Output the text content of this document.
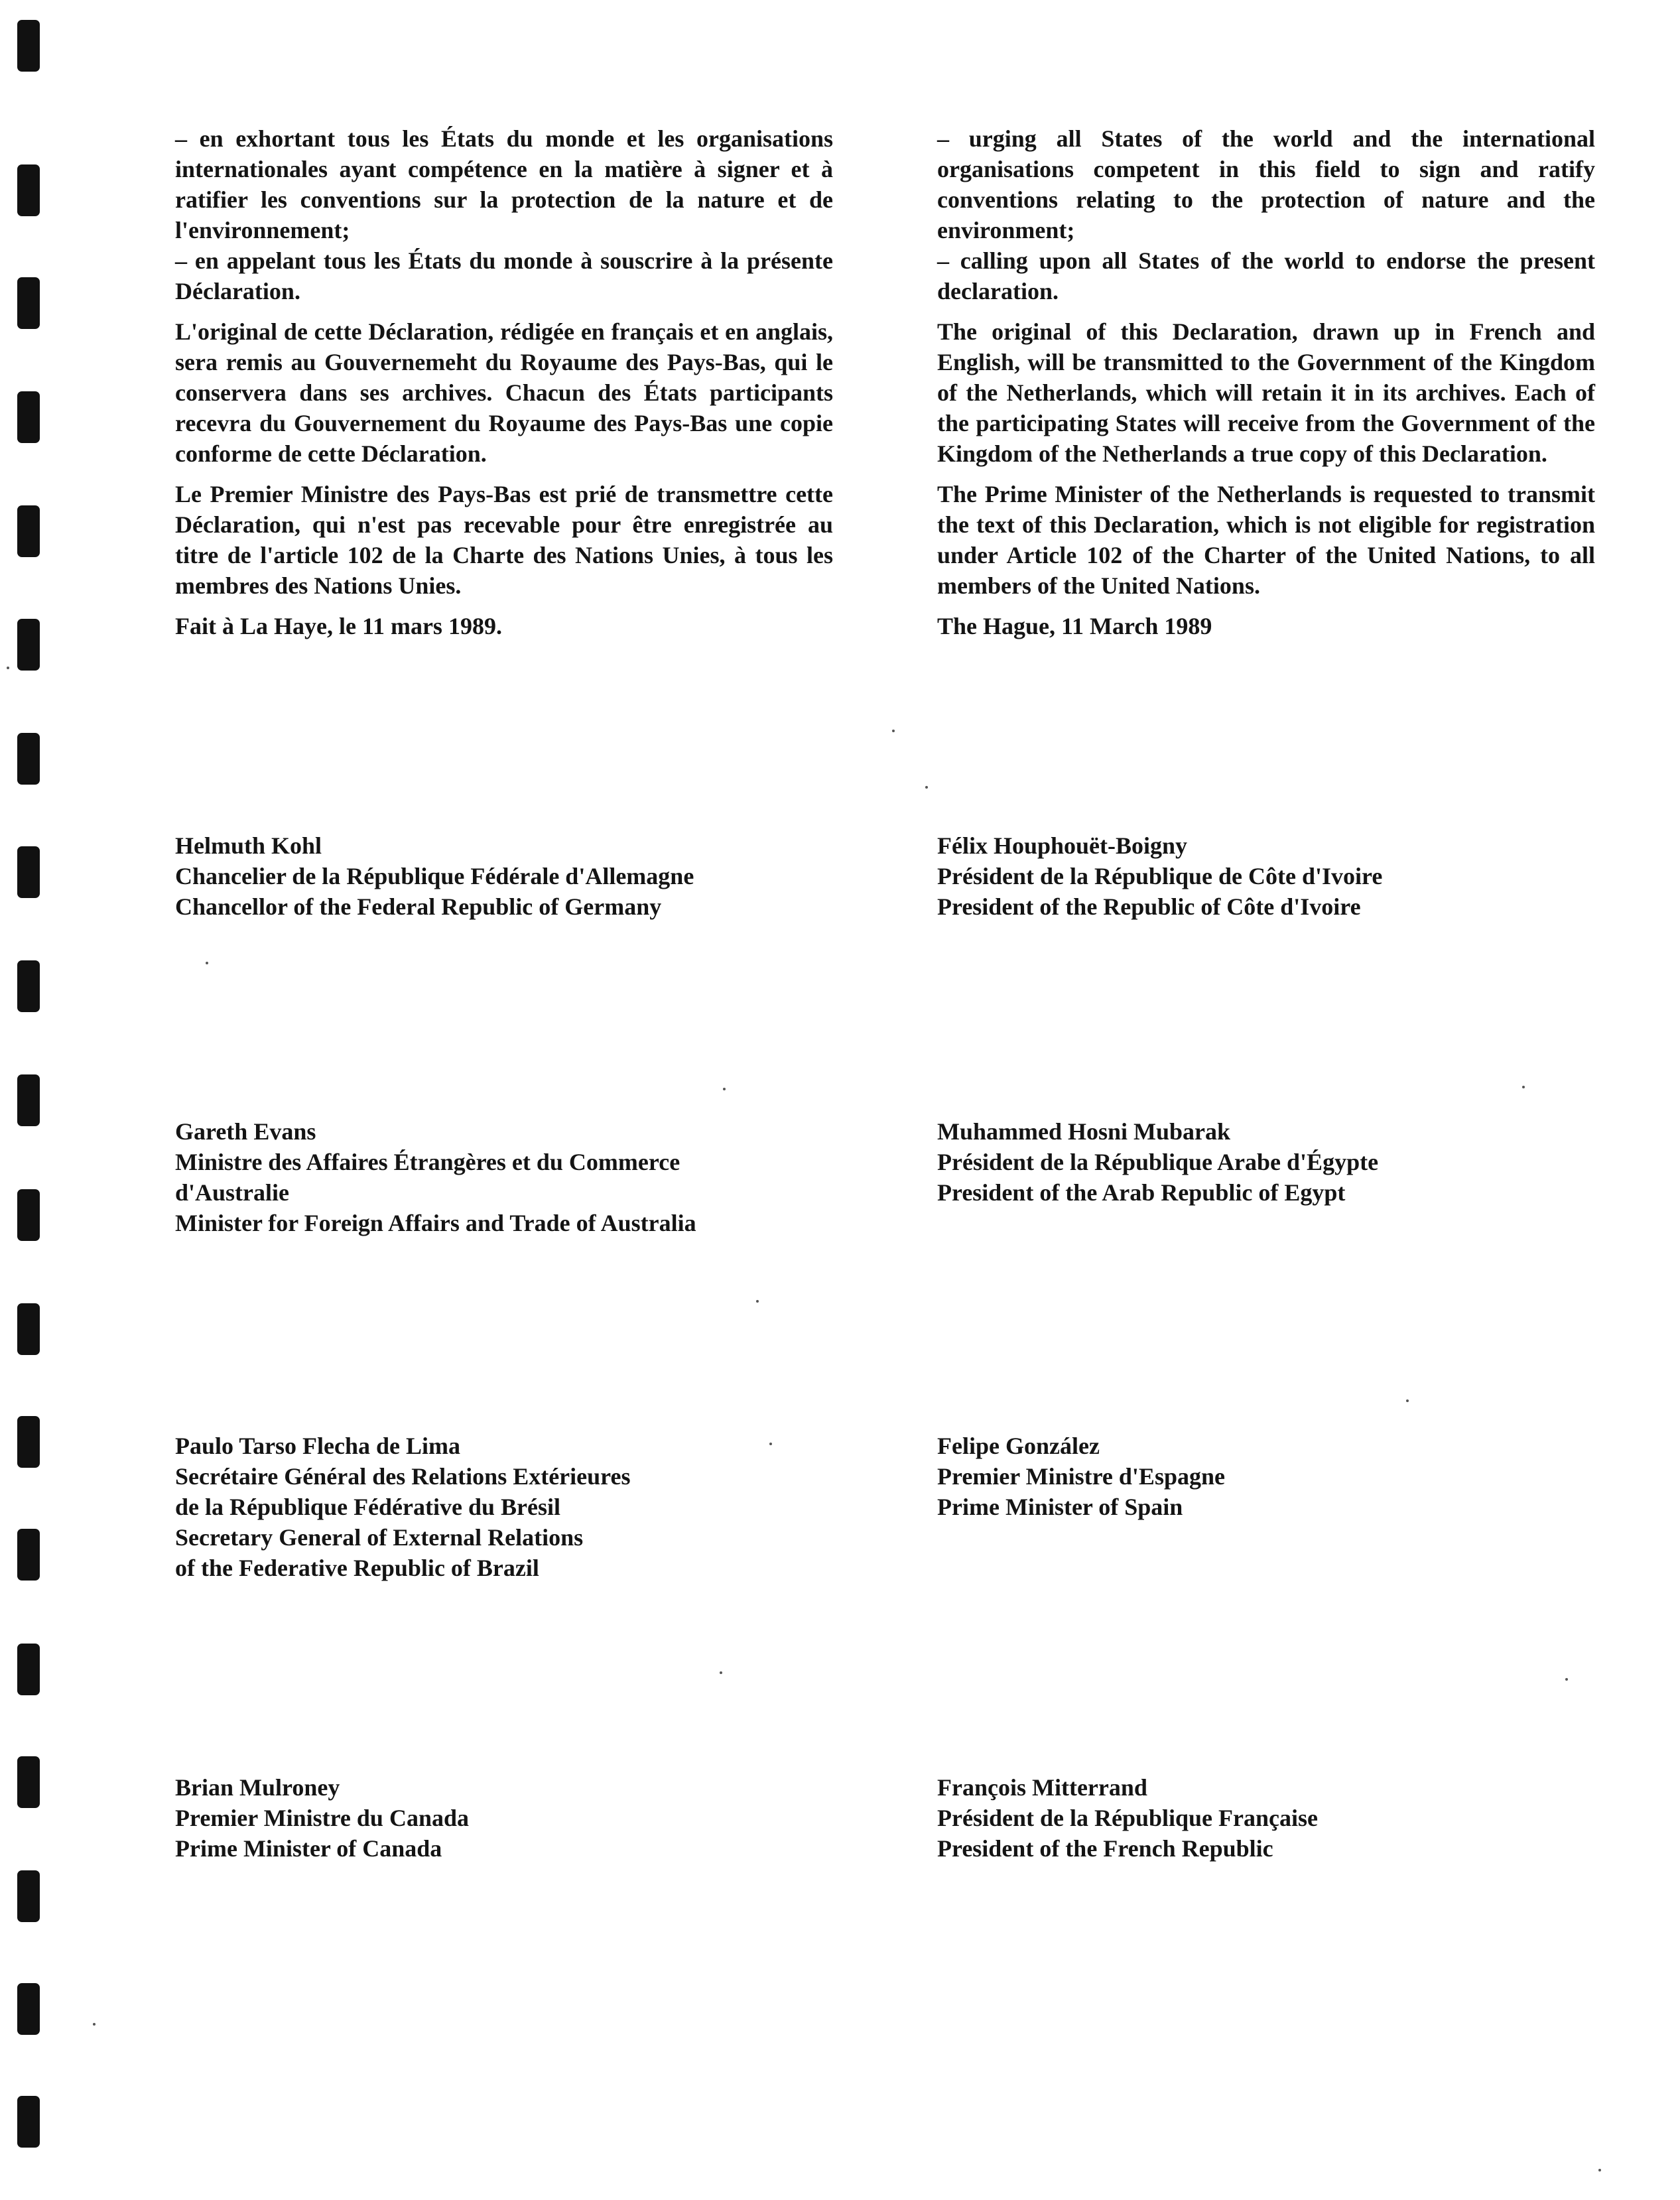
– en exhortant tous les États du monde et les organisations internationales ayant compétence en la matière à signer et à ratifier les conventions sur la protection de la nature et de l'environnement;

– en appelant tous les États du monde à souscrire à la présente Déclaration.

L'original de cette Déclaration, rédigée en français et en anglais, sera remis au Gouvernemeht du Royaume des Pays-Bas, qui le conservera dans ses archives. Chacun des États participants recevra du Gouvernement du Royaume des Pays-Bas une copie conforme de cette Déclaration.

Le Premier Ministre des Pays-Bas est prié de transmettre cette Déclaration, qui n'est pas recevable pour être enregistrée au titre de l'article 102 de la Charte des Nations Unies, à tous les membres des Nations Unies.

Fait à La Haye, le 11 mars 1989.

– urging all States of the world and the international organisations competent in this field to sign and ratify conventions relating to the protection of nature and the environment;

– calling upon all States of the world to endorse the present declaration.

The original of this Declaration, drawn up in French and English, will be transmitted to the Government of the Kingdom of the Netherlands, which will retain it in its archives. Each of the participating States will receive from the Government of the Kingdom of the Netherlands a true copy of this Declaration.

The Prime Minister of the Netherlands is requested to transmit the text of this Declaration, which is not eligible for registration under Article 102 of the Charter of the United Nations, to all members of the United Nations.

The Hague, 11 March 1989

Helmuth Kohl
Chancelier de la République Fédérale d'Allemagne
Chancellor of the Federal Republic of Germany
Félix Houphouët-Boigny
Président de la République de Côte d'Ivoire
President of the Republic of Côte d'Ivoire
Gareth Evans
Ministre des Affaires Étrangères et du Commerce
d'Australie
Minister for Foreign Affairs and Trade of Australia
Muhammed Hosni Mubarak
Président de la République Arabe d'Égypte
President of the Arab Republic of Egypt
Paulo Tarso Flecha de Lima
Secrétaire Général des Relations Extérieures
de la République Fédérative du Brésil
Secretary General of External Relations
of the Federative Republic of Brazil
Felipe González
Premier Ministre d'Espagne
Prime Minister of Spain
Brian Mulroney
Premier Ministre du Canada
Prime Minister of Canada
François Mitterrand
Président de la République Française
President of the French Republic
